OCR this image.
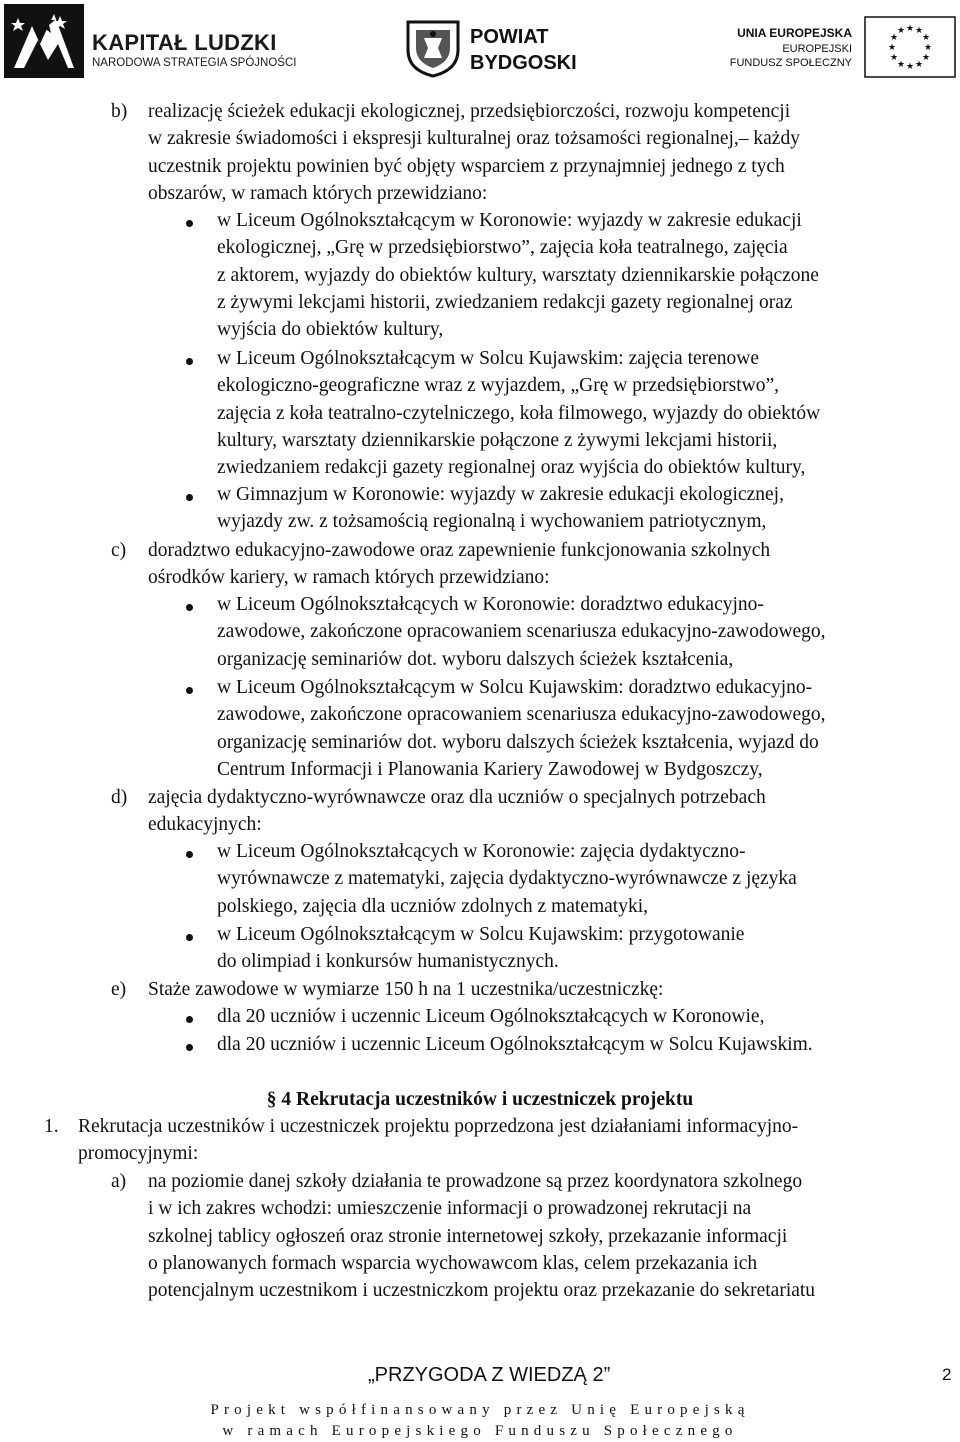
KAPITAŁ LUDZKI
NARODOWA STRATEGIA SPÓJNOŚCI
POWIAT
BYDGOSKI
UNIA EUROPEJSKA
EUROPEJSKI
FUNDUSZ SPOŁECZNY
★ ★
★
★
★
★
★
★
★
★
★
★
b) realizację ścieżek edukacji ekologicznej, przedsiębiorczości, rozwoju kompetencji
w zakresie świadomości i ekspresji kulturalnej oraz tożsamości regionalnej,– każdy
uczestnik projektu powinien być objęty wsparciem z przynajmniej jednego z tych
obszarów, w ramach których przewidziano:
w Liceum Ogólnokształcącym w Koronowie: wyjazdy w zakresie edukacji
ekologicznej, „Grę w przedsiębiorstwo”, zajęcia koła teatralnego, zajęcia
z aktorem, wyjazdy do obiektów kultury, warsztaty dziennikarskie połączone
z żywymi lekcjami historii, zwiedzaniem redakcji gazety regionalnej oraz
wyjścia do obiektów kultury,
w Liceum Ogólnokształcącym w Solcu Kujawskim: zajęcia terenowe
ekologiczno-geograficzne wraz z wyjazdem, „Grę w przedsiębiorstwo”,
zajęcia z koła teatralno-czytelniczego, koła filmowego, wyjazdy do obiektów
kultury, warsztaty dziennikarskie połączone z żywymi lekcjami historii,
zwiedzaniem redakcji gazety regionalnej oraz wyjścia do obiektów kultury,
w Gimnazjum w Koronowie: wyjazdy w zakresie edukacji ekologicznej,
wyjazdy zw. z tożsamością regionalną i wychowaniem patriotycznym,
c) doradztwo edukacyjno-zawodowe oraz zapewnienie funkcjonowania szkolnych
ośrodków kariery, w ramach których przewidziano:
w Liceum Ogólnokształcących w Koronowie: doradztwo edukacyjno-
zawodowe, zakończone opracowaniem scenariusza edukacyjno-zawodowego,
organizację seminariów dot. wyboru dalszych ścieżek kształcenia,
w Liceum Ogólnokształcącym w Solcu Kujawskim: doradztwo edukacyjno-
zawodowe, zakończone opracowaniem scenariusza edukacyjno-zawodowego,
organizację seminariów dot. wyboru dalszych ścieżek kształcenia, wyjazd do
Centrum Informacji i Planowania Kariery Zawodowej w Bydgoszczy,
d) zajęcia dydaktyczno-wyrównawcze oraz dla uczniów o specjalnych potrzebach
edukacyjnych:
w Liceum Ogólnokształcących w Koronowie: zajęcia dydaktyczno-
wyrównawcze z matematyki, zajęcia dydaktyczno-wyrównawcze z języka
polskiego, zajęcia dla uczniów zdolnych z matematyki,
w Liceum Ogólnokształcącym w Solcu Kujawskim: przygotowanie
do olimpiad i konkursów humanistycznych.
e) Staże zawodowe w wymiarze 150 h na 1 uczestnika/uczestniczkę:
dla 20 uczniów i uczennic Liceum Ogólnokształcących w Koronowie,
dla 20 uczniów i uczennic Liceum Ogólnokształcącym w Solcu Kujawskim.
§ 4 Rekrutacja uczestników i uczestniczek projektu
1. Rekrutacja uczestników i uczestniczek projektu poprzedzona jest działaniami informacyjno-
promocyjnymi:
a) na poziomie danej szkoły działania te prowadzone są przez koordynatora szkolnego
i w ich zakres wchodzi: umieszczenie informacji o prowadzonej rekrutacji na
szkolnej tablicy ogłoszeń oraz stronie internetowej szkoły, przekazanie informacji
o planowanych formach wsparcia wychowawcom klas, celem przekazania ich
potencjalnym uczestnikom i uczestniczkom projektu oraz przekazanie do sekretariatu
„PRZYGODA Z WIEDZĄ 2”	2
Projekt współfinansowany przez Unię Europejską
w ramach Europejskiego Funduszu Społecznego
